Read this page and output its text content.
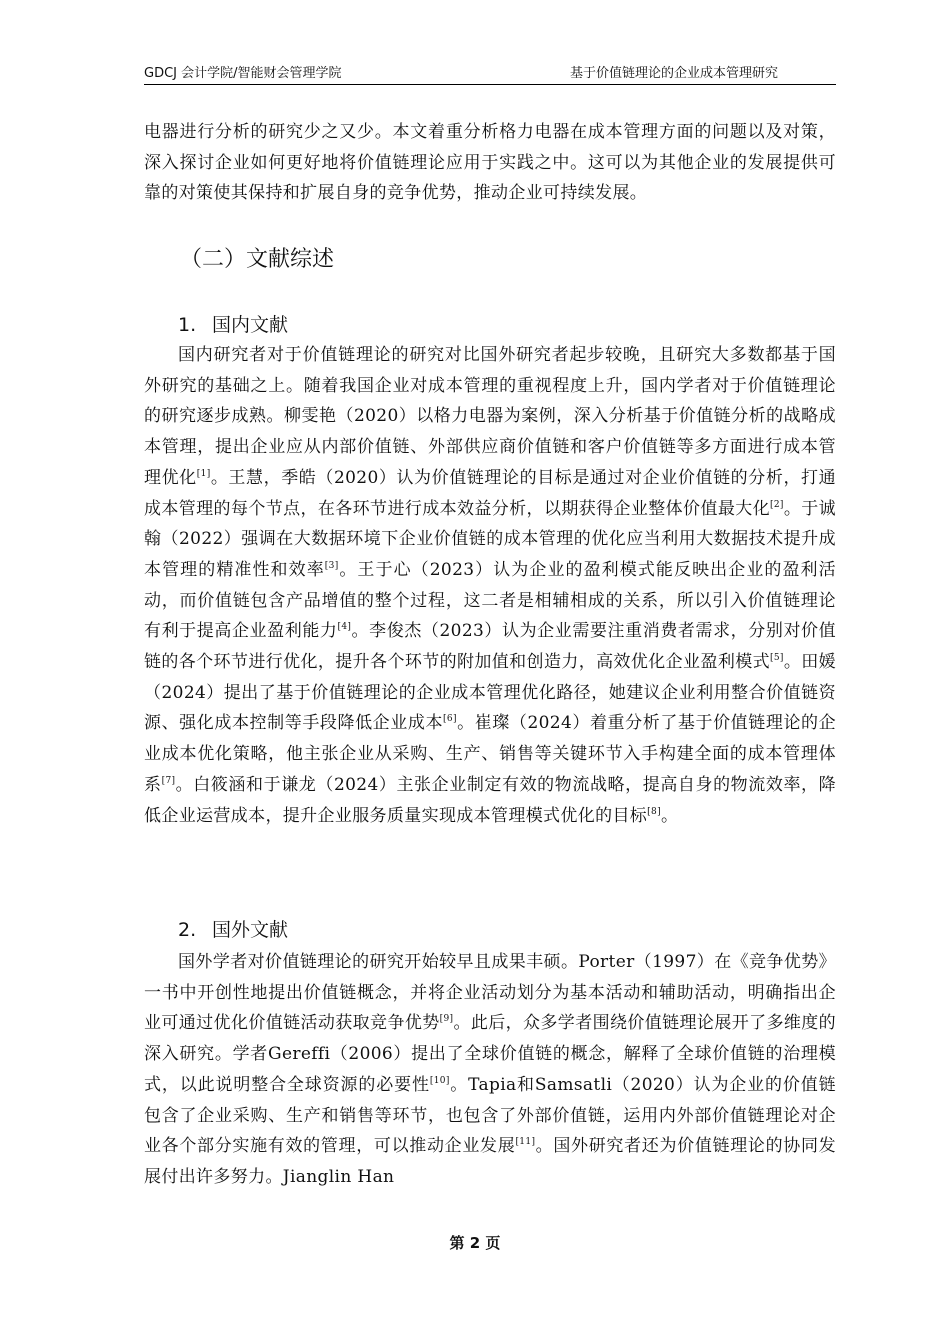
GDCJ 会计学院/智能财会管理学院	基于价值链理论的企业成本管理研究

电器进行分析的研究少之又少。本文着重分析格力电器在成本管理方面的问题以及对策，深入探讨企业如何更好地将价值链理论应用于实践之中。这可以为其他企业的发展提供可靠的对策使其保持和扩展自身的竞争优势，推动企业可持续发展。

（二）文献综述
1. 国内文献

国内研究者对于价值链理论的研究对比国外研究者起步较晚，且研究大多数都基于国外研究的基础之上。随着我国企业对成本管理的重视程度上升，国内学者对于价值链理论的研究逐步成熟。柳雯艳（2020）以格力电器为案例，深入分析基于价值链分析的战略成本管理，提出企业应从内部价值链、外部供应商价值链和客户价值链等多方面进行成本管理优化[1]。王慧，季皓（2020）认为价值链理论的目标是通过对企业价值链的分析，打通成本管理的每个节点，在各环节进行成本效益分析，以期获得企业整体价值最大化[2]。于诚翰（2022）强调在大数据环境下企业价值链的成本管理的优化应当利用大数据技术提升成本管理的精准性和效率[3]。王于心（2023）认为企业的盈利模式能反映出企业的盈利活动，而价值链包含产品增值的整个过程，这二者是相辅相成的关系，所以引入价值链理论有利于提高企业盈利能力[4]。李俊杰（2023）认为企业需要注重消费者需求，分别对价值链的各个环节进行优化，提升各个环节的附加值和创造力，高效优化企业盈利模式[5]。田媛（2024）提出了基于价值链理论的企业成本管理优化路径，她建议企业利用整合价值链资源、强化成本控制等手段降低企业成本[6]。崔璨（2024）着重分析了基于价值链理论的企业成本优化策略，他主张企业从采购、生产、销售等关键环节入手构建全面的成本管理体系[7]。白筱涵和于谦龙（2024）主张企业制定有效的物流战略，提高自身的物流效率，降低企业运营成本，提升企业服务质量实现成本管理模式优化的目标[8]。

2. 国外文献

国外学者对价值链理论的研究开始较早且成果丰硕。Porter（1997）在《竞争优势》一书中开创性地提出价值链概念，并将企业活动划分为基本活动和辅助活动，明确指出企业可通过优化价值链活动获取竞争优势[9]。此后，众多学者围绕价值链理论展开了多维度的深入研究。学者Gereffi（2006）提出了全球价值链的概念，解释了全球价值链的治理模式，以此说明整合全球资源的必要性[10]。Tapia和Samsatli（2020）认为企业的价值链包含了企业采购、生产和销售等环节，也包含了外部价值链，运用内外部价值链理论对企业各个部分实施有效的管理，可以推动企业发展[11]。国外研究者还为价值链理论的协同发展付出许多努力。Jianglin Han

第 2 页
